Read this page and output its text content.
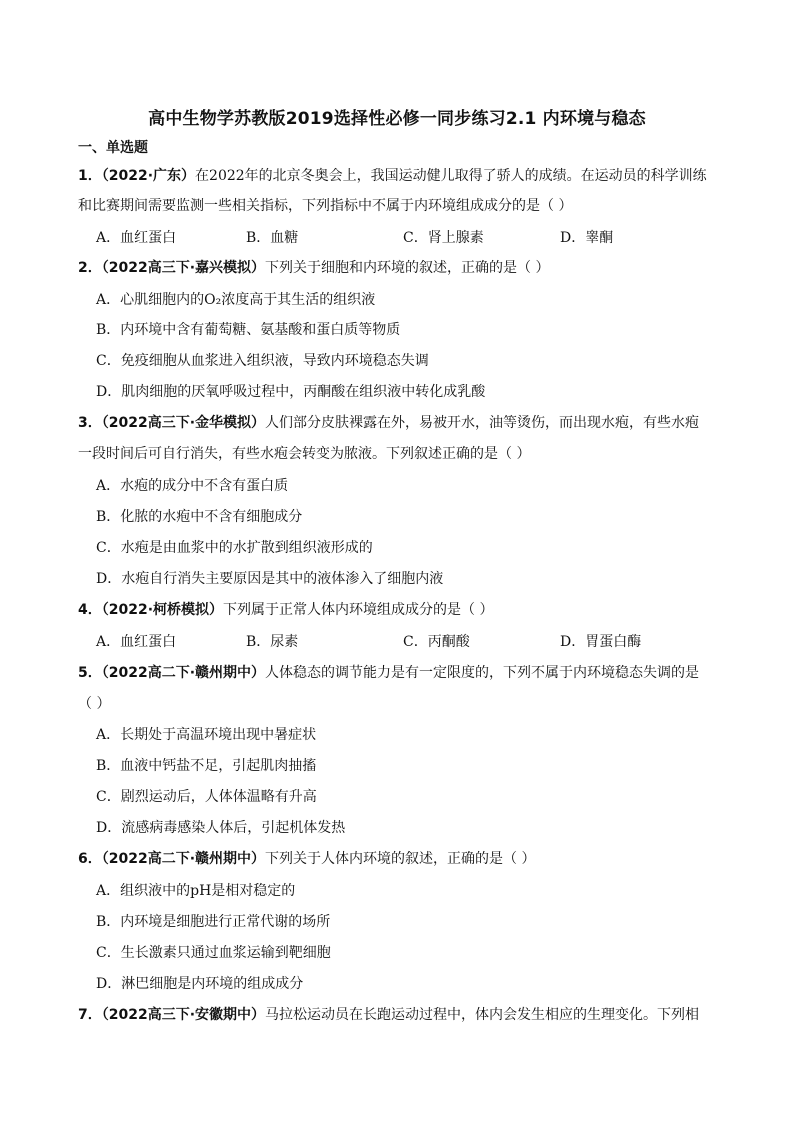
高中生物学苏教版2019选择性必修一同步练习2.1 内环境与稳态
一、单选题
1．（2022·广东）在2022年的北京冬奥会上，我国运动健儿取得了骄人的成绩。在运动员的科学训练
和比赛期间需要监测一些相关指标，下列指标中不属于内环境组成成分的是（ ）
A．血红蛋白	B．血糖	C．肾上腺素	D．睾酮
2．（2022高三下·嘉兴模拟）下列关于细胞和内环境的叙述，正确的是（ ）
A．心肌细胞内的O₂浓度高于其生活的组织液
B．内环境中含有葡萄糖、氨基酸和蛋白质等物质
C．免疫细胞从血浆进入组织液，导致内环境稳态失调
D．肌肉细胞的厌氧呼吸过程中，丙酮酸在组织液中转化成乳酸
3．（2022高三下·金华模拟）人们部分皮肤裸露在外，易被开水，油等烫伤，而出现水疱，有些水疱
一段时间后可自行消失，有些水疱会转变为脓液。下列叙述正确的是（ ）
A．水疱的成分中不含有蛋白质
B．化脓的水疱中不含有细胞成分
C．水疱是由血浆中的水扩散到组织液形成的
D．水疱自行消失主要原因是其中的液体渗入了细胞内液
4．（2022·柯桥模拟）下列属于正常人体内环境组成成分的是（ ）
A．血红蛋白	B．尿素	C．丙酮酸	D．胃蛋白酶
5．（2022高二下·赣州期中）人体稳态的调节能力是有一定限度的，下列不属于内环境稳态失调的是
（ ）
A．长期处于高温环境出现中暑症状
B．血液中钙盐不足，引起肌肉抽搐
C．剧烈运动后，人体体温略有升高
D．流感病毒感染人体后，引起机体发热
6．（2022高二下·赣州期中）下列关于人体内环境的叙述，正确的是（ ）
A．组织液中的pH是相对稳定的
B．内环境是细胞进行正常代谢的场所
C．生长激素只通过血浆运输到靶细胞
D．淋巴细胞是内环境的组成成分
7．（2022高三下·安徽期中）马拉松运动员在长跑运动过程中，体内会发生相应的生理变化。下列相
